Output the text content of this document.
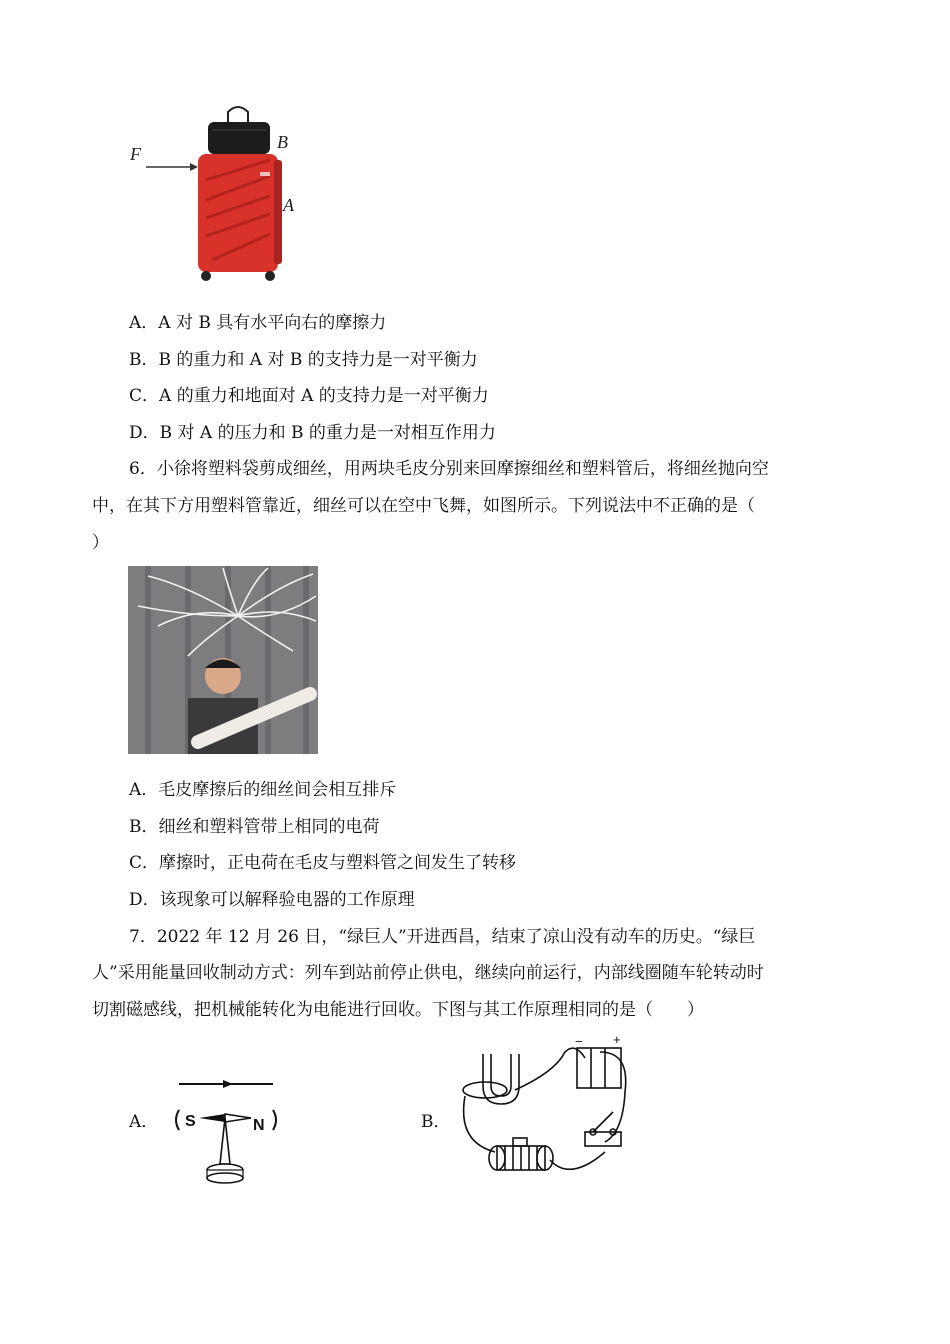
F
B
A
A．A 对 B 具有水平向右的摩擦力
B．B 的重力和 A 对 B 的支持力是一对平衡力
C．A 的重力和地面对 A 的支持力是一对平衡力
D．B 对 A 的压力和 B 的重力是一对相互作用力
6．小徐将塑料袋剪成细丝，用两块毛皮分别来回摩擦细丝和塑料管后，将细丝抛向空
中，在其下方用塑料管靠近，细丝可以在空中飞舞，如图所示。下列说法中不正确的是（
）
A．毛皮摩擦后的细丝间会相互排斥
B．细丝和塑料管带上相同的电荷
C．摩擦时，正电荷在毛皮与塑料管之间发生了转移
D．该现象可以解释验电器的工作原理
7．2022 年 12 月 26 日，“绿巨人”开进西昌，结束了凉山没有动车的历史。“绿巨
人”采用能量回收制动方式：列车到站前停止供电，继续向前运行，内部线圈随车轮转动时
切割磁感线，把机械能转化为电能进行回收。下图与其工作原理相同的是（　　）
A． S	N	B．
− +
